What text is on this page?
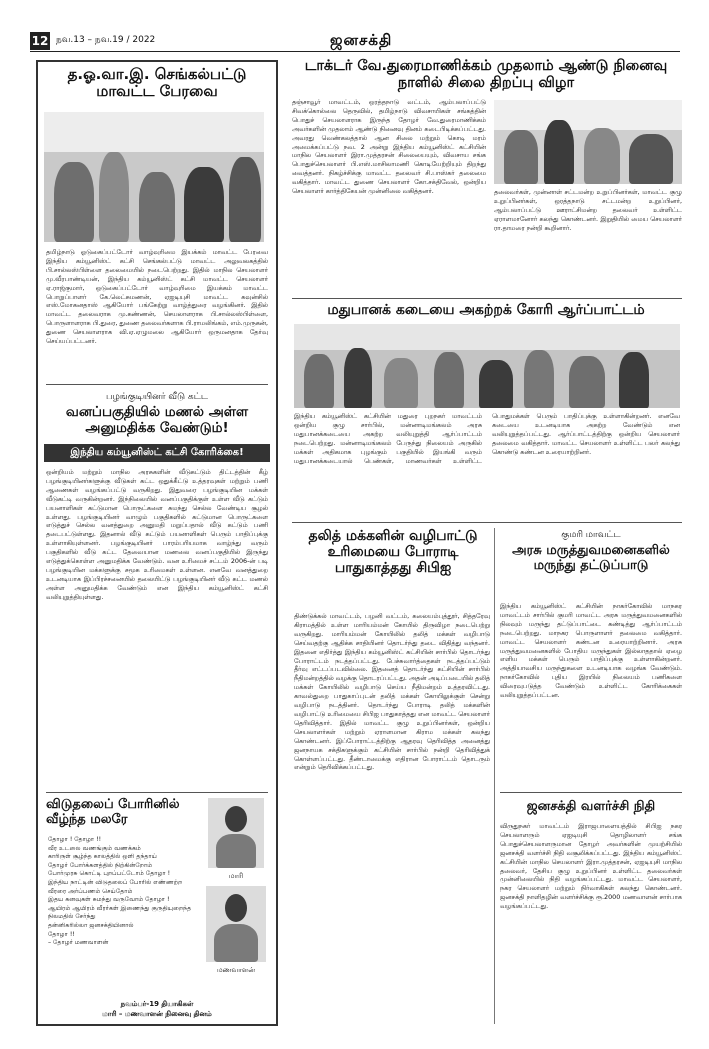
12 நவ.13 – நவ.19 / 2022	ஜனசக்தி
த.ஓ.வா.இ. செங்கல்பட்டு மாவட்ட பேரவை
தமிழ்நாடு ஓடுகைப்பட்டோர் வாழ்வுரிமை இயக்கம் மாவட்ட பேரவை இந்திய கம்யூனிஸ்ட் கட்சி செங்கல்பட்டு மாவட்ட அலுவலகத்தில் பி.சால்லஸ்பிள்ளை தலைமையில் நடைபெற்றது. இதில் மாநில செயலாளர் மு.வீரபாண்டியன், இந்திய கம்யூனிஸ்ட் கட்சி மாவட்ட செயலாளர் ஏ.ராஜ்குமார், ஒடுகைப்பட்டோர் வாழ்வுரிமை இயக்கம் மாவட்ட பொறுப்பாளர் கே.லெட்சுமணன், ஏஐடியுசி மாவட்ட கவுன்சில் எஸ்.மோகனதாஸ் ஆகியோர் பங்கேற்று வாழ்த்துரை வழங்கினர். இதில் மாவட்ட தலைவராக மு.கண்ணன், செயலாளராக பி.சால்லஸ்பிள்ளை, பொருளாளராக பி.துரை, துணை தலைவர்களாக பி.ராமலிங்கம், எம்.முருகன், துணை செயலாளராக வி.ஏ.ஏழுமலை ஆகியோர் ஒருமனதாக தேர்வு செய்யப்பட்டனர்.
பழங்குடியினர் வீடு கட்ட
வனப்பகுதியில் மணல் அள்ள அனுமதிக்க வேண்டும்!
இந்திய கம்யூனிஸ்ட் கட்சி கோரிக்கை!
ஒன்றியம் மற்றும் மாநில அரசுகளின் வீடுகட்டும் திட்டத்தின் கீழ் பழங்குடியினர்களுக்கு வீடுகள் கட்ட ஒதுக்கீட்டு உத்தரவுகள் மற்றும் பணி ஆணைகள் வழங்கப்பட்டு வருகிறது. இதுவரை பழங்குடியின மக்கள் வீடுகட்டி வருகின்றனர். இந்நிலையில் வனப்பகுதிக்குள் உள்ள வீடு கட்டும் பயனாளிகள் கட்டுமான பொருட்களை சுமந்து செல்ல வேண்டிய சூழல் உள்ளது. பழங்குடியினர் வாழும் பகுதிகளில் கட்டுமான பொருட்களை எடுத்துச் செல்ல வனத்துறை அனுமதி மறுப்பதால் வீடு கட்டும் பணி தடைபட்டுள்ளது. இதனால் வீடு கட்டும் பயனாளிகள் பெரும் பாதிப்புக்கு உள்ளாகியுள்ளனர். பழங்குடியினர் பாரம்பரியமாக வாழ்ந்து வரும் பகுதிகளில் வீடு கட்ட தேவையான மணலை வனப்பகுதியில் இருந்து எடுத்துக்கொள்ள அனுமதிக்க வேண்டும். வன உரிமைச் சட்டம் 2006-ன் படி பழங்குடியின மக்களுக்கு சமூக உரிமைகள் உள்ளன. எனவே வனத்துறை உடனடியாக இப்பிரச்சனையில் தலையிட்டு பழங்குடியினர் வீடு கட்ட மணல் அள்ள அனுமதிக்க வேண்டும் என இந்திய கம்யூனிஸ்ட் கட்சி வலியுறுத்தியுள்ளது.
விடுதலைப் போரினில் வீழ்ந்த மலரே
தோழா ! தோழா !!
வீர உடலை வணங்கும் வணக்கம்
காரிருள் சூழ்ந்த காலத்தில் ஒளி தந்தாய்
தோழர் போர்க்களத்தில் நிற்கின்றோம்
போர்முரசு கொட்டி புறப்பட்டோம் தோழா !
இந்திய நாட்டின் விடுதலைப் போரில் எண்ணற்ற வீரரை அர்ப்பணம் செய்தோம்
இதய கனவுகள் சுமந்து வருவோம் தோழா !
ஆயிரம் ஆயிரம் வீரர்கள் இணைந்து குருதியுறைந்த நிலமதில் சேர்ந்து
தன்னிகரில்லா ஜனசக்தியினால்
தோழா !!
– தோழர் மணவாளன்
மாரி
மணவாளன்
நவம்பர்-19 தியாகிகள்
மாரி – மணவாளன் நினைவு தினம்
டாக்டர் வே.துரைமாணிக்கம் முதலாம் ஆண்டு நினைவு நாளில் சிலை திறப்பு விழா
தஞ்சாவூர் மாவட்டம், ஒரத்தநாடு வட்டம், ஆம்பலாப்பட்டு சிவக்கொல்லை தெருவில், தமிழ்நாடு விவசாயிகள் சங்கத்தின் பொதுச் செயலாளராக இருந்த தோழர் வே.துரைமாணிக்கம் அவர்களின் முதலாம் ஆண்டு நினைவு தினம் கடைபிடிக்கப்பட்டது. அவரது வெண்கலத்தால் ஆன சிலை மற்றும் கொடி மரம் அமைக்கப்பட்டு நவ. 2 அன்று இந்திய கம்யூனிஸ்ட் கட்சியின் மாநில செயலாளர் இரா.முத்தரசன் சிலையையும், விவசாய சங்க பொதுச்செயலாளர் பி.எஸ்.மாசிலாமணி கொடியேற்றியும் திறந்து வைத்தனர். நிகழ்ச்சிக்கு மாவட்ட தலைவர் சி.பாஸ்கர் தலைமை வகித்தார். மாவட்ட துணை செயலாளர் கோ.சக்திவேல், ஒன்றிய செயலாளர் கார்த்திகேயன் முன்னிலை வகித்தனர்.	தலைவர்கள், முன்னாள் சட்டமன்ற உறுப்பினர்கள், மாவட்ட குழு உறுப்பினர்கள், ஒரத்தநாடு சட்டமன்ற உறுப்பினர், ஆம்பலாப்பட்டு ஊராட்சிமன்ற தலைவர் உள்ளிட்ட ஏராளமானோர் கலந்து கொண்டனர். இறுதியில் மைய செயலாளர் ரா.தாமரை நன்றி கூறினார்.
மதுபானக் கடையை அகற்றக் கோரி ஆர்ப்பாட்டம்
இந்திய கம்யூனிஸ்ட் கட்சியின் மதுரை புறநகர் மாவட்டம் ஒன்றிய குழு சார்பில், மன்னாடிமங்கலம் அரசு மதுபானக்கடையை அகற்ற வலியுறுத்தி ஆர்ப்பாட்டம் நடைபெற்றது. மன்னாடிமங்கலம் பேருந்து நிலையம் அருகில் மக்கள் அதிகமாக புழங்கும் பகுதியில் இயங்கி வரும் மதுபானக்கடையால் பெண்கள், மாணவர்கள் உள்ளிட்ட பொதுமக்கள் பெரும் பாதிப்புக்கு உள்ளாகின்றனர். எனவே கடையை உடனடியாக அகற்ற வேண்டும் என வலியுறுத்தப்பட்டது. ஆர்ப்பாட்டத்திற்கு ஒன்றிய செயலாளர் தலைமை வகித்தார். மாவட்ட செயலாளர் உள்ளிட்ட பலர் கலந்து கொண்டு கண்டன உரையாற்றினர்.
தலித் மக்களின் வழிபாட்டு உரிமையை போராடி பாதுகாத்தது சிபிஐ
திண்டுக்கல் மாவட்டம், பழனி வட்டம், கலையம்புத்தூர், சித்தரேவு கிராமத்தில் உள்ள மாரியம்மன் கோயில் திருவிழா நடைபெற்று வருகிறது. மாரியம்மன் கோயிலில் தலித் மக்கள் வழிபாடு செய்வதற்கு ஆதிக்க சாதியினர் தொடர்ந்து தடை விதித்து வந்தனர். இதனை எதிர்த்து இந்திய கம்யூனிஸ்ட் கட்சியின் சார்பில் தொடர்ந்து போராட்டம் நடத்தப்பட்டது. பேச்சுவார்த்தைகள் நடத்தப்பட்டும் தீர்வு எட்டப்படவில்லை. இதனைத் தொடர்ந்து கட்சியின் சார்பில் நீதிமன்றத்தில் வழக்கு தொடரப்பட்டது. அதன் அடிப்படையில் தலித் மக்கள் கோயிலில் வழிபாடு செய்ய நீதிமன்றம் உத்தரவிட்டது. காவல்துறை பாதுகாப்புடன் தலித் மக்கள் கோயிலுக்குள் சென்று வழிபாடு நடத்தினர். தொடர்ந்து போராடி தலித் மக்களின் வழிபாட்டு உரிமையை சிபிஐ பாதுகாத்தது என மாவட்ட செயலாளர் தெரிவித்தார். இதில் மாவட்ட குழு உறுப்பினர்கள், ஒன்றிய செயலாளர்கள் மற்றும் ஏராளமான கிராம மக்கள் கலந்து கொண்டனர். இப்போராட்டத்திற்கு ஆதரவு தெரிவித்த அனைத்து ஜனநாயக சக்திகளுக்கும் கட்சியின் சார்பில் நன்றி தெரிவித்துக் கொள்ளப்பட்டது. தீண்டாமைக்கு எதிரான போராட்டம் தொடரும் என்றும் தெரிவிக்கப்பட்டது.
குமரி மாவட்ட
அரசு மருத்துவமனைகளில் மருந்து தட்டுப்பாடு
இந்திய கம்யூனிஸ்ட் கட்சியின் நாகர்கோவில் மாநகர மாவட்டம் சார்பில் குமரி மாவட்ட அரசு மருத்துவமனைகளில் நிலவும் மருந்து தட்டுப்பாட்டை கண்டித்து ஆர்ப்பாட்டம் நடைபெற்றது. மாநகர பொருளாளர் தலைமை வகித்தார். மாவட்ட செயலாளர் கண்டன உரையாற்றினார். அரசு மருத்துவமனைகளில் போதிய மருந்துகள் இல்லாததால் ஏழை எளிய மக்கள் பெரும் பாதிப்புக்கு உள்ளாகின்றனர். அத்தியாவசிய மருந்துகளை உடனடியாக வழங்க வேண்டும். நாகர்கோவில் புதிய இரயில் நிலையம் பணிகளை விரைவுபடுத்த வேண்டும் உள்ளிட்ட கோரிக்கைகள் வலியுறுத்தப்பட்டன.
ஜனசக்தி வளர்ச்சி நிதி
விருதுநகர் மாவட்டம் இராஜபாளையத்தில் சிபிஐ நகர செயலாளரும் ஏஐடியுசி தொழிலாளர் சங்க பொதுச்செயலாளருமான தோழர் அவர்களின் முயற்சியில் ஜனசக்தி வளர்ச்சி நிதி வசூலிக்கப்பட்டது. இந்திய கம்யூனிஸ்ட் கட்சியின் மாநில செயலாளர் இரா.முத்தரசன், ஏஐடியுசி மாநில தலைவர், தேசிய குழு உறுப்பினர் உள்ளிட்ட தலைவர்கள் முன்னிலையில் நிதி வழங்கப்பட்டது. மாவட்ட செயலாளர், நகர செயலாளர் மற்றும் நிர்வாகிகள் கலந்து கொண்டனர். ஜனசக்தி நாளிதழின் வளர்ச்சிக்கு ரூ.2000 மணவாளன் சார்பாக வழங்கப்பட்டது.
